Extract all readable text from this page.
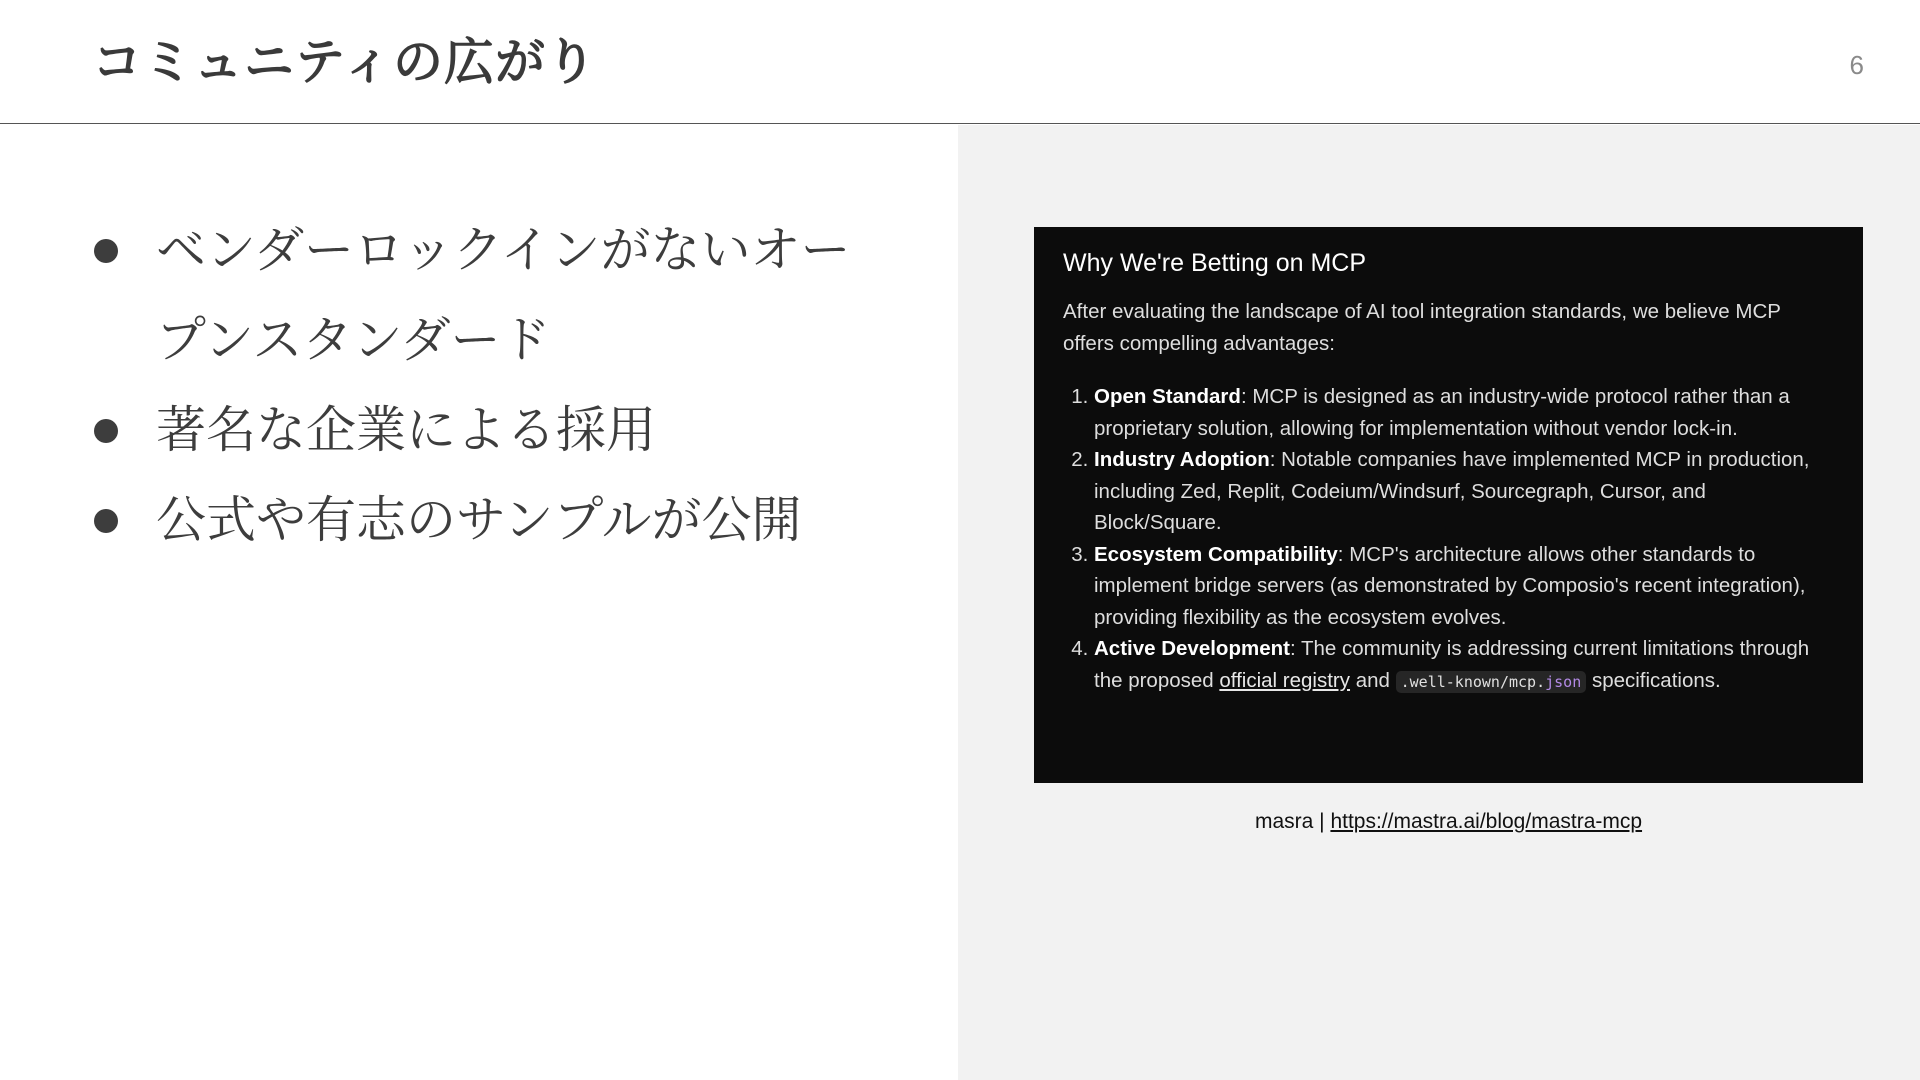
コミュニティの広がり	6
ベンダーロックインがないオープンスタンダード
著名な企業による採用
公式や有志のサンプルが公開
Why We're Betting on MCP

After evaluating the landscape of AI tool integration standards, we believe MCP offers compelling advantages:

1. Open Standard: MCP is designed as an industry-wide protocol rather than a proprietary solution, allowing for implementation without vendor lock-in.
2. Industry Adoption: Notable companies have implemented MCP in production, including Zed, Replit, Codeium/Windsurf, Sourcegraph, Cursor, and Block/Square.
3. Ecosystem Compatibility: MCP's architecture allows other standards to implement bridge servers (as demonstrated by Composio's recent integration), providing flexibility as the ecosystem evolves.
4. Active Development: The community is addressing current limitations through the proposed official registry and .well-known/mcp.json specifications.
masra | https://mastra.ai/blog/mastra-mcp
